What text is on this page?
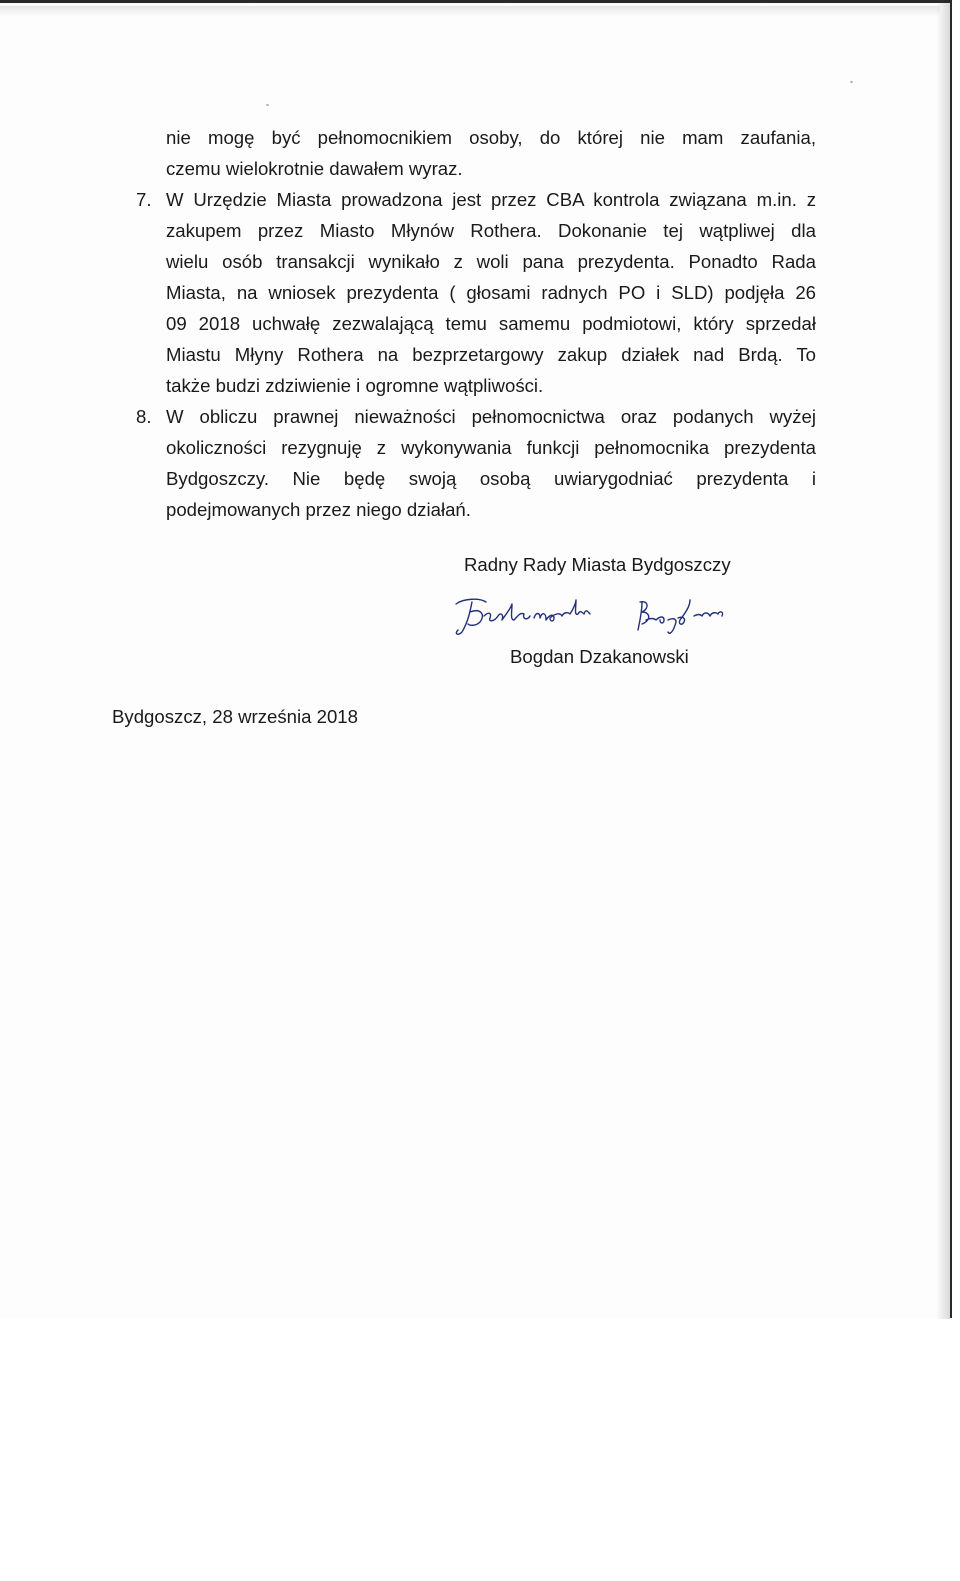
nie mogę być pełnomocnikiem osoby, do której nie mam zaufania,
czemu wielokrotnie dawałem wyraz.
7. W Urzędzie Miasta prowadzona jest przez CBA kontrola związana m.in. z
zakupem przez Miasto Młynów Rothera. Dokonanie tej wątpliwej dla
wielu osób transakcji wynikało z woli pana prezydenta. Ponadto Rada
Miasta, na wniosek prezydenta ( głosami radnych PO i SLD) podjęła 26
09 2018 uchwałę zezwalającą temu samemu podmiotowi, który sprzedał
Miastu Młyny Rothera na bezprzetargowy zakup działek nad Brdą. To
także budzi zdziwienie i ogromne wątpliwości.
8. W obliczu prawnej nieważności pełnomocnictwa oraz podanych wyżej
okoliczności rezygnuję z wykonywania funkcji pełnomocnika prezydenta
Bydgoszczy. Nie będę swoją osobą uwiarygodniać prezydenta i
podejmowanych przez niego działań.
Radny Rady Miasta Bydgoszczy
Bogdan Dzakanowski
Bydgoszcz, 28 września 2018
